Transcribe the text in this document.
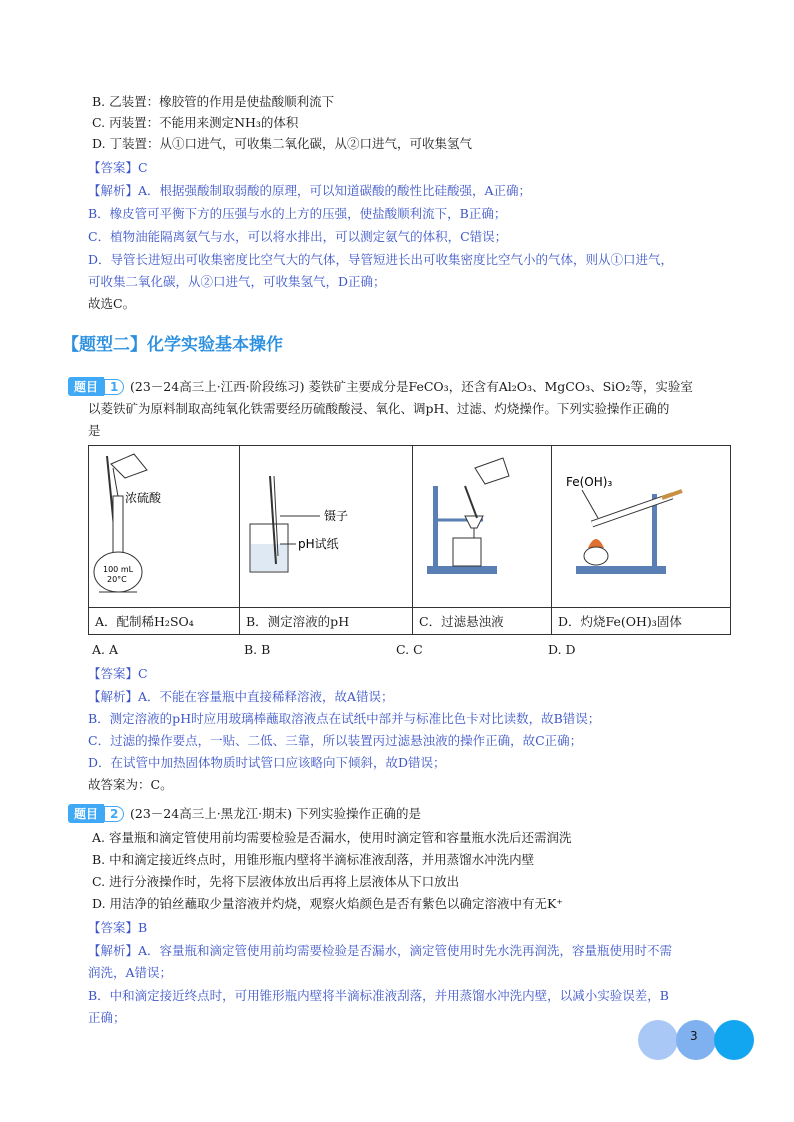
B. 乙装置：橡胶管的作用是使盐酸顺利流下
C. 丙装置：不能用来测定NH₃的体积
D. 丁装置：从①口进气，可收集二氧化碳，从②口进气，可收集氢气
【答案】C
【解析】A．根据强酸制取弱酸的原理，可以知道碳酸的酸性比硅酸强，A正确；
B．橡皮管可平衡下方的压强与水的上方的压强，使盐酸顺利流下，B正确；
C．植物油能隔离氨气与水，可以将水排出，可以测定氨气的体积，C错误；
D．导管长进短出可收集密度比空气大的气体，导管短进长出可收集密度比空气小的气体，则从①口进气，
可收集二氧化碳，从②口进气，可收集氢气，D正确；
故选C。
【题型二】化学实验基本操作
题目	1 (23－24高三上·江西·阶段练习) 菱铁矿主要成分是FeCO₃，还含有Al₂O₃、MgCO₃、SiO₂等，实验室
以菱铁矿为原料制取高纯氧化铁需要经历硫酸酸浸、氧化、调pH、过滤、灼烧操作。下列实验操作正确的
是
浓硫酸
100 mL
20°C	镊子
pH试纸		Fe(OH)₃

A．配制稀H₂SO₄	B．测定溶液的pH	C．过滤悬浊液	D．灼烧Fe(OH)₃固体
A. A	B. B	C. C	D. D
【答案】C
【解析】A．不能在容量瓶中直接稀释溶液，故A错误；
B．测定溶液的pH时应用玻璃棒蘸取溶液点在试纸中部并与标准比色卡对比读数，故B错误；
C．过滤的操作要点，一贴、二低、三靠，所以装置丙过滤悬浊液的操作正确，故C正确；
D．在试管中加热固体物质时试管口应该略向下倾斜，故D错误；
故答案为：C。
题目	2 (23－24高三上·黑龙江·期末) 下列实验操作正确的是
A. 容量瓶和滴定管使用前均需要检验是否漏水，使用时滴定管和容量瓶水洗后还需润洗
B. 中和滴定接近终点时，用锥形瓶内壁将半滴标准液刮落，并用蒸馏水冲洗内壁
C. 进行分液操作时，先将下层液体放出后再将上层液体从下口放出
D. 用洁净的铂丝蘸取少量溶液并灼烧，观察火焰颜色是否有紫色以确定溶液中有无K⁺
【答案】B
【解析】A．容量瓶和滴定管使用前均需要检验是否漏水，滴定管使用时先水洗再润洗，容量瓶使用时不需
润洗，A错误；
B．中和滴定接近终点时，可用锥形瓶内壁将半滴标准液刮落，并用蒸馏水冲洗内壁，以减小实验误差，B
正确；
3
